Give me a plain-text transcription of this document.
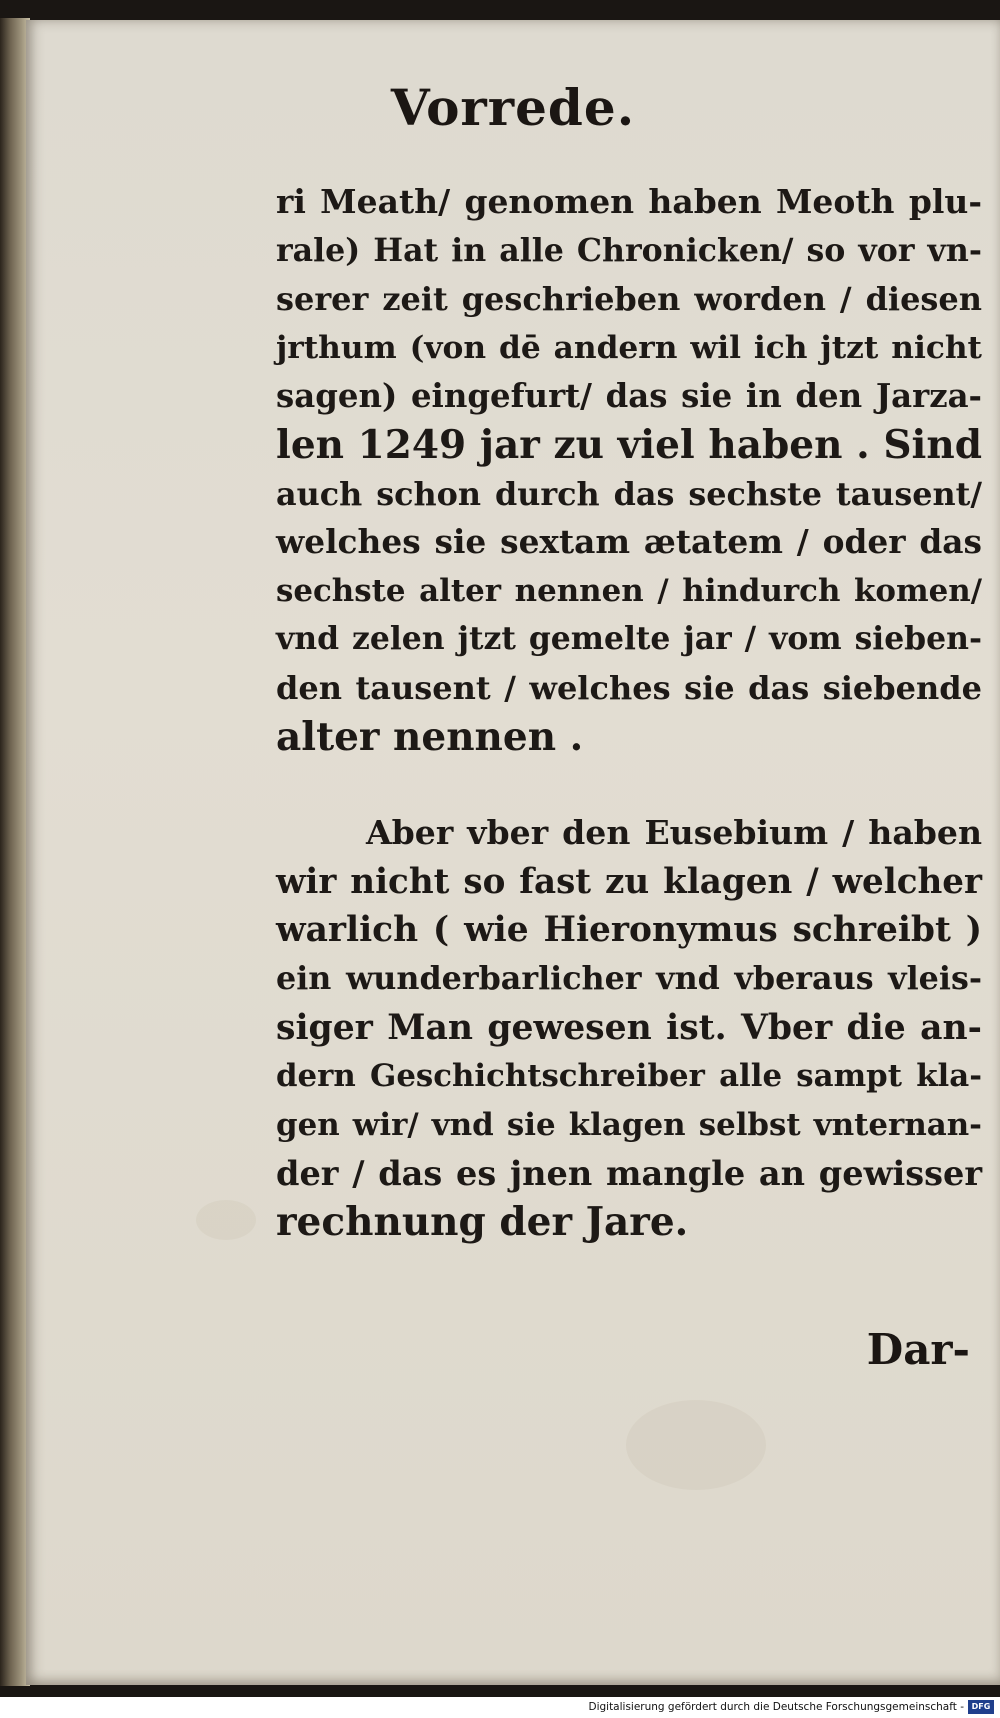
Vorrede.
ri Meath/ genomen haben Meoth plu-
rale) Hat in alle Chronicken/ so vor vn-
serer zeit geschrieben worden / diesen
jrthum (von dē andern wil ich jtzt nicht
sagen) eingefurt/ das sie in den Jarza-
len 1249 jar zu viel haben . Sind
auch schon durch das sechste tausent/
welches sie sextam ætatem / oder das
sechste alter nennen / hindurch komen/
vnd zelen jtzt gemelte jar / vom sieben-
den tausent / welches sie das siebende
alter nennen .
Aber vber den Eusebium / haben
wir nicht so fast zu klagen / welcher
warlich ( wie Hieronymus schreibt )
ein wunderbarlicher vnd vberaus vleis-
siger Man gewesen ist. Vber die an-
dern Geschichtschreiber alle sampt kla-
gen wir/ vnd sie klagen selbst vnternan-
der / das es jnen mangle an gewisser
rechnung der Jare.
Dar-
Digitalisierung gefördert durch die Deutsche Forschungsgemeinschaft - DFG
